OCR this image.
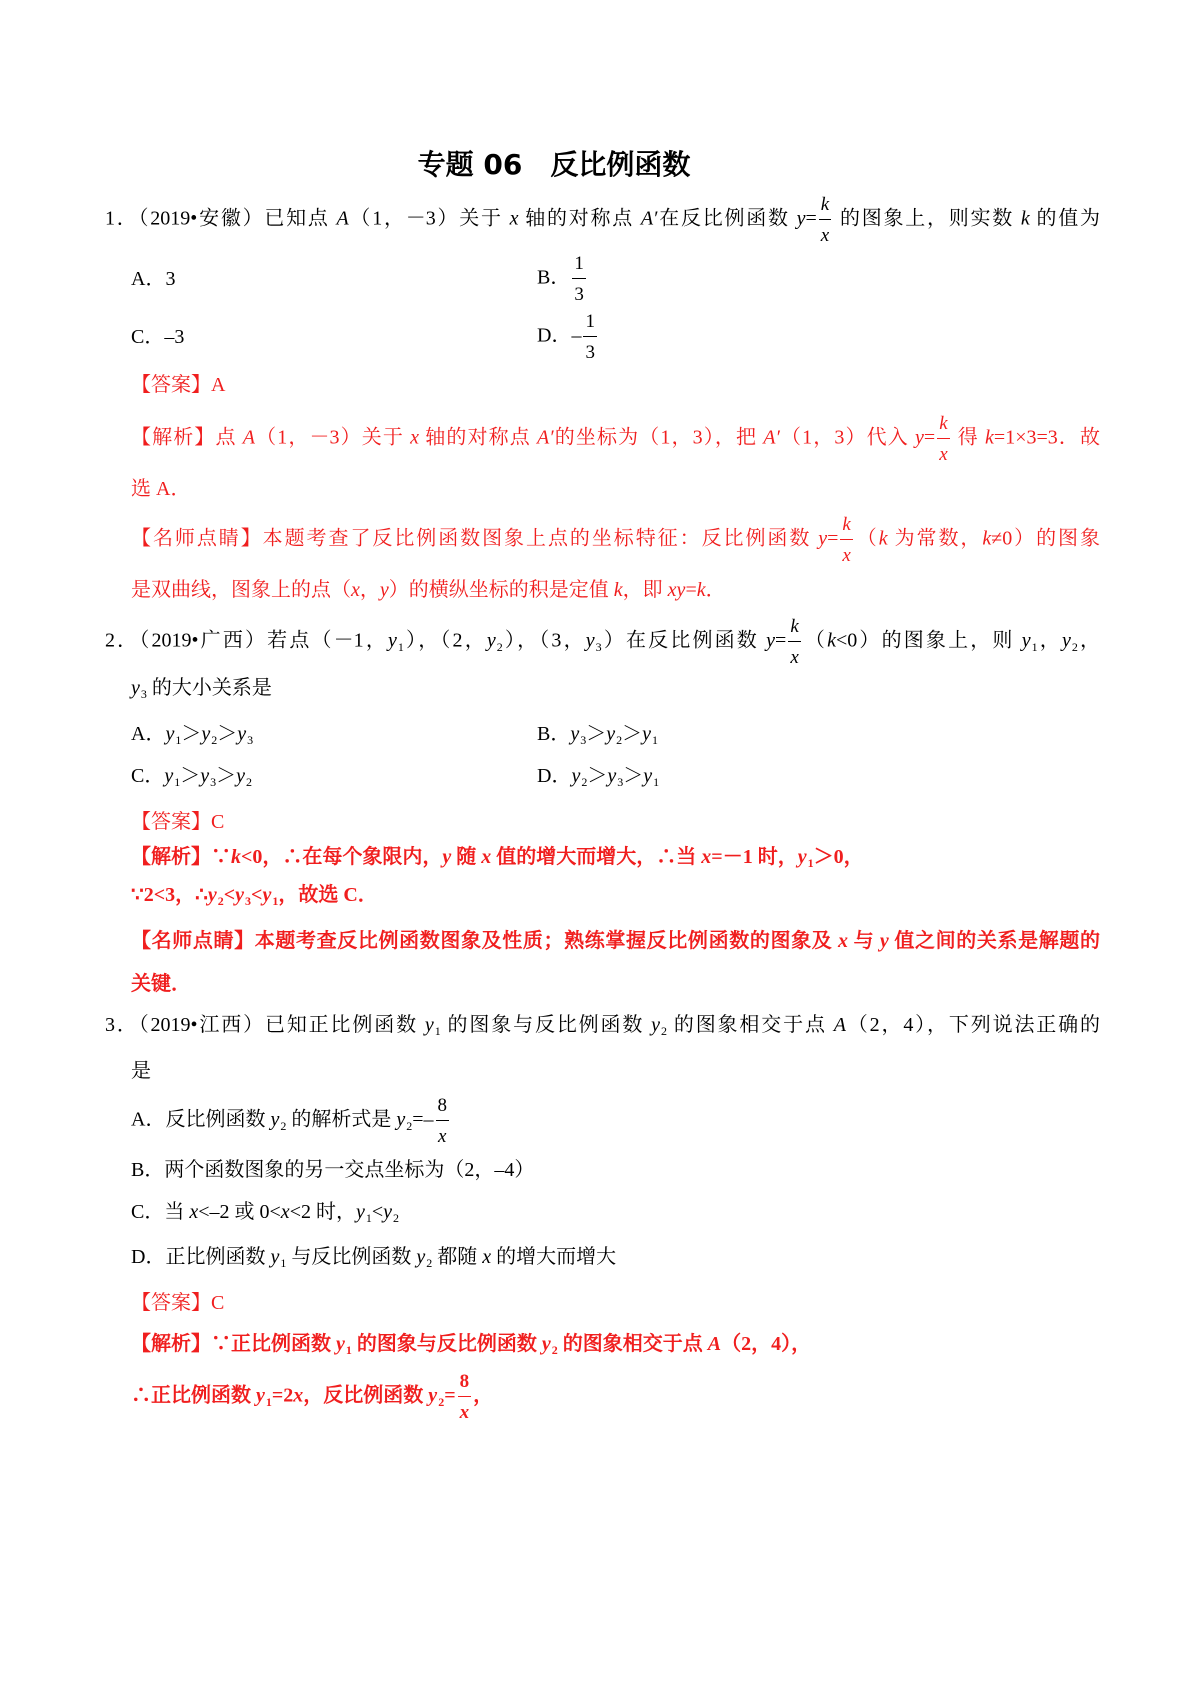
专题 06　反比例函数
1．（2019•安徽）已知点 A（1，－3）关于 x 轴的对称点 A′在反比例函数 $y= \frac{k}{x}$ 的图象上，则实数 k 的值为
A．3	B． $\frac{1}{3}$
C．–3	D．– $\frac{1}{3}$
【答案】A
【解析】点 A（1，－3）关于 x 轴的对称点 A′的坐标为（1，3），把 A′（1，3）代入 $y= \frac{k}{x}$ 得 k=1×3=3．故
选 A．
【名师点睛】本题考查了反比例函数图象上点的坐标特征：反比例函数 $y= \frac{k}{x} (k$ 为常数，k≠0）的图象
是双曲线，图象上的点（x，y）的横纵坐标的积是定值 k，即 xy=k．
2．（2019•广西）若点（－1，$y_1$），（2，$y_2$），（3，$y_3$）在反比例函数 $y= \frac{k}{x} (k<0)$的图象上，则 $y_1$，$y_2$，
$y_3$ 的大小关系是
A．$y_1>y_2>y_3$	B．$y_3>y_2>y_1$
C．$y_1>y_3>y_2$	D．$y_2>y_3>y_1$
【答案】C
【解析】∵k<0，∴在每个象限内，y 随 x 值的增大而增大，∴当 x=－1 时，$y_1>0$，
∵2<3，$\therefore y_2<y_3<y_1$，故选 C．
【名师点睛】本题考查反比例函数图象及性质；熟练掌握反比例函数的图象及 x 与 y 值之间的关系是解题的
关键．
3．（2019•江西）已知正比例函数 $y_1$ 的图象与反比例函数 $y_2$ 的图象相交于点 A（2，4），下列说法正确的
是
A．反比例函数 $y_2$ 的解析式是 $y_2=- \frac{8}{x}$
B．两个函数图象的另一交点坐标为（2，–4）
C．当 x<–2 或 0<x<2 时，$y_1<y_2$
D．正比例函数 $y_1$ 与反比例函数 $y_2$ 都随 x 的增大而增大
【答案】C
【解析】∵正比例函数 $y_1$ 的图象与反比例函数 $y_2$ 的图象相交于点 A（2，4），
∴正比例函数 $y_1=2x$，反比例函数 $y_2= \frac{8}{x}$ ，
